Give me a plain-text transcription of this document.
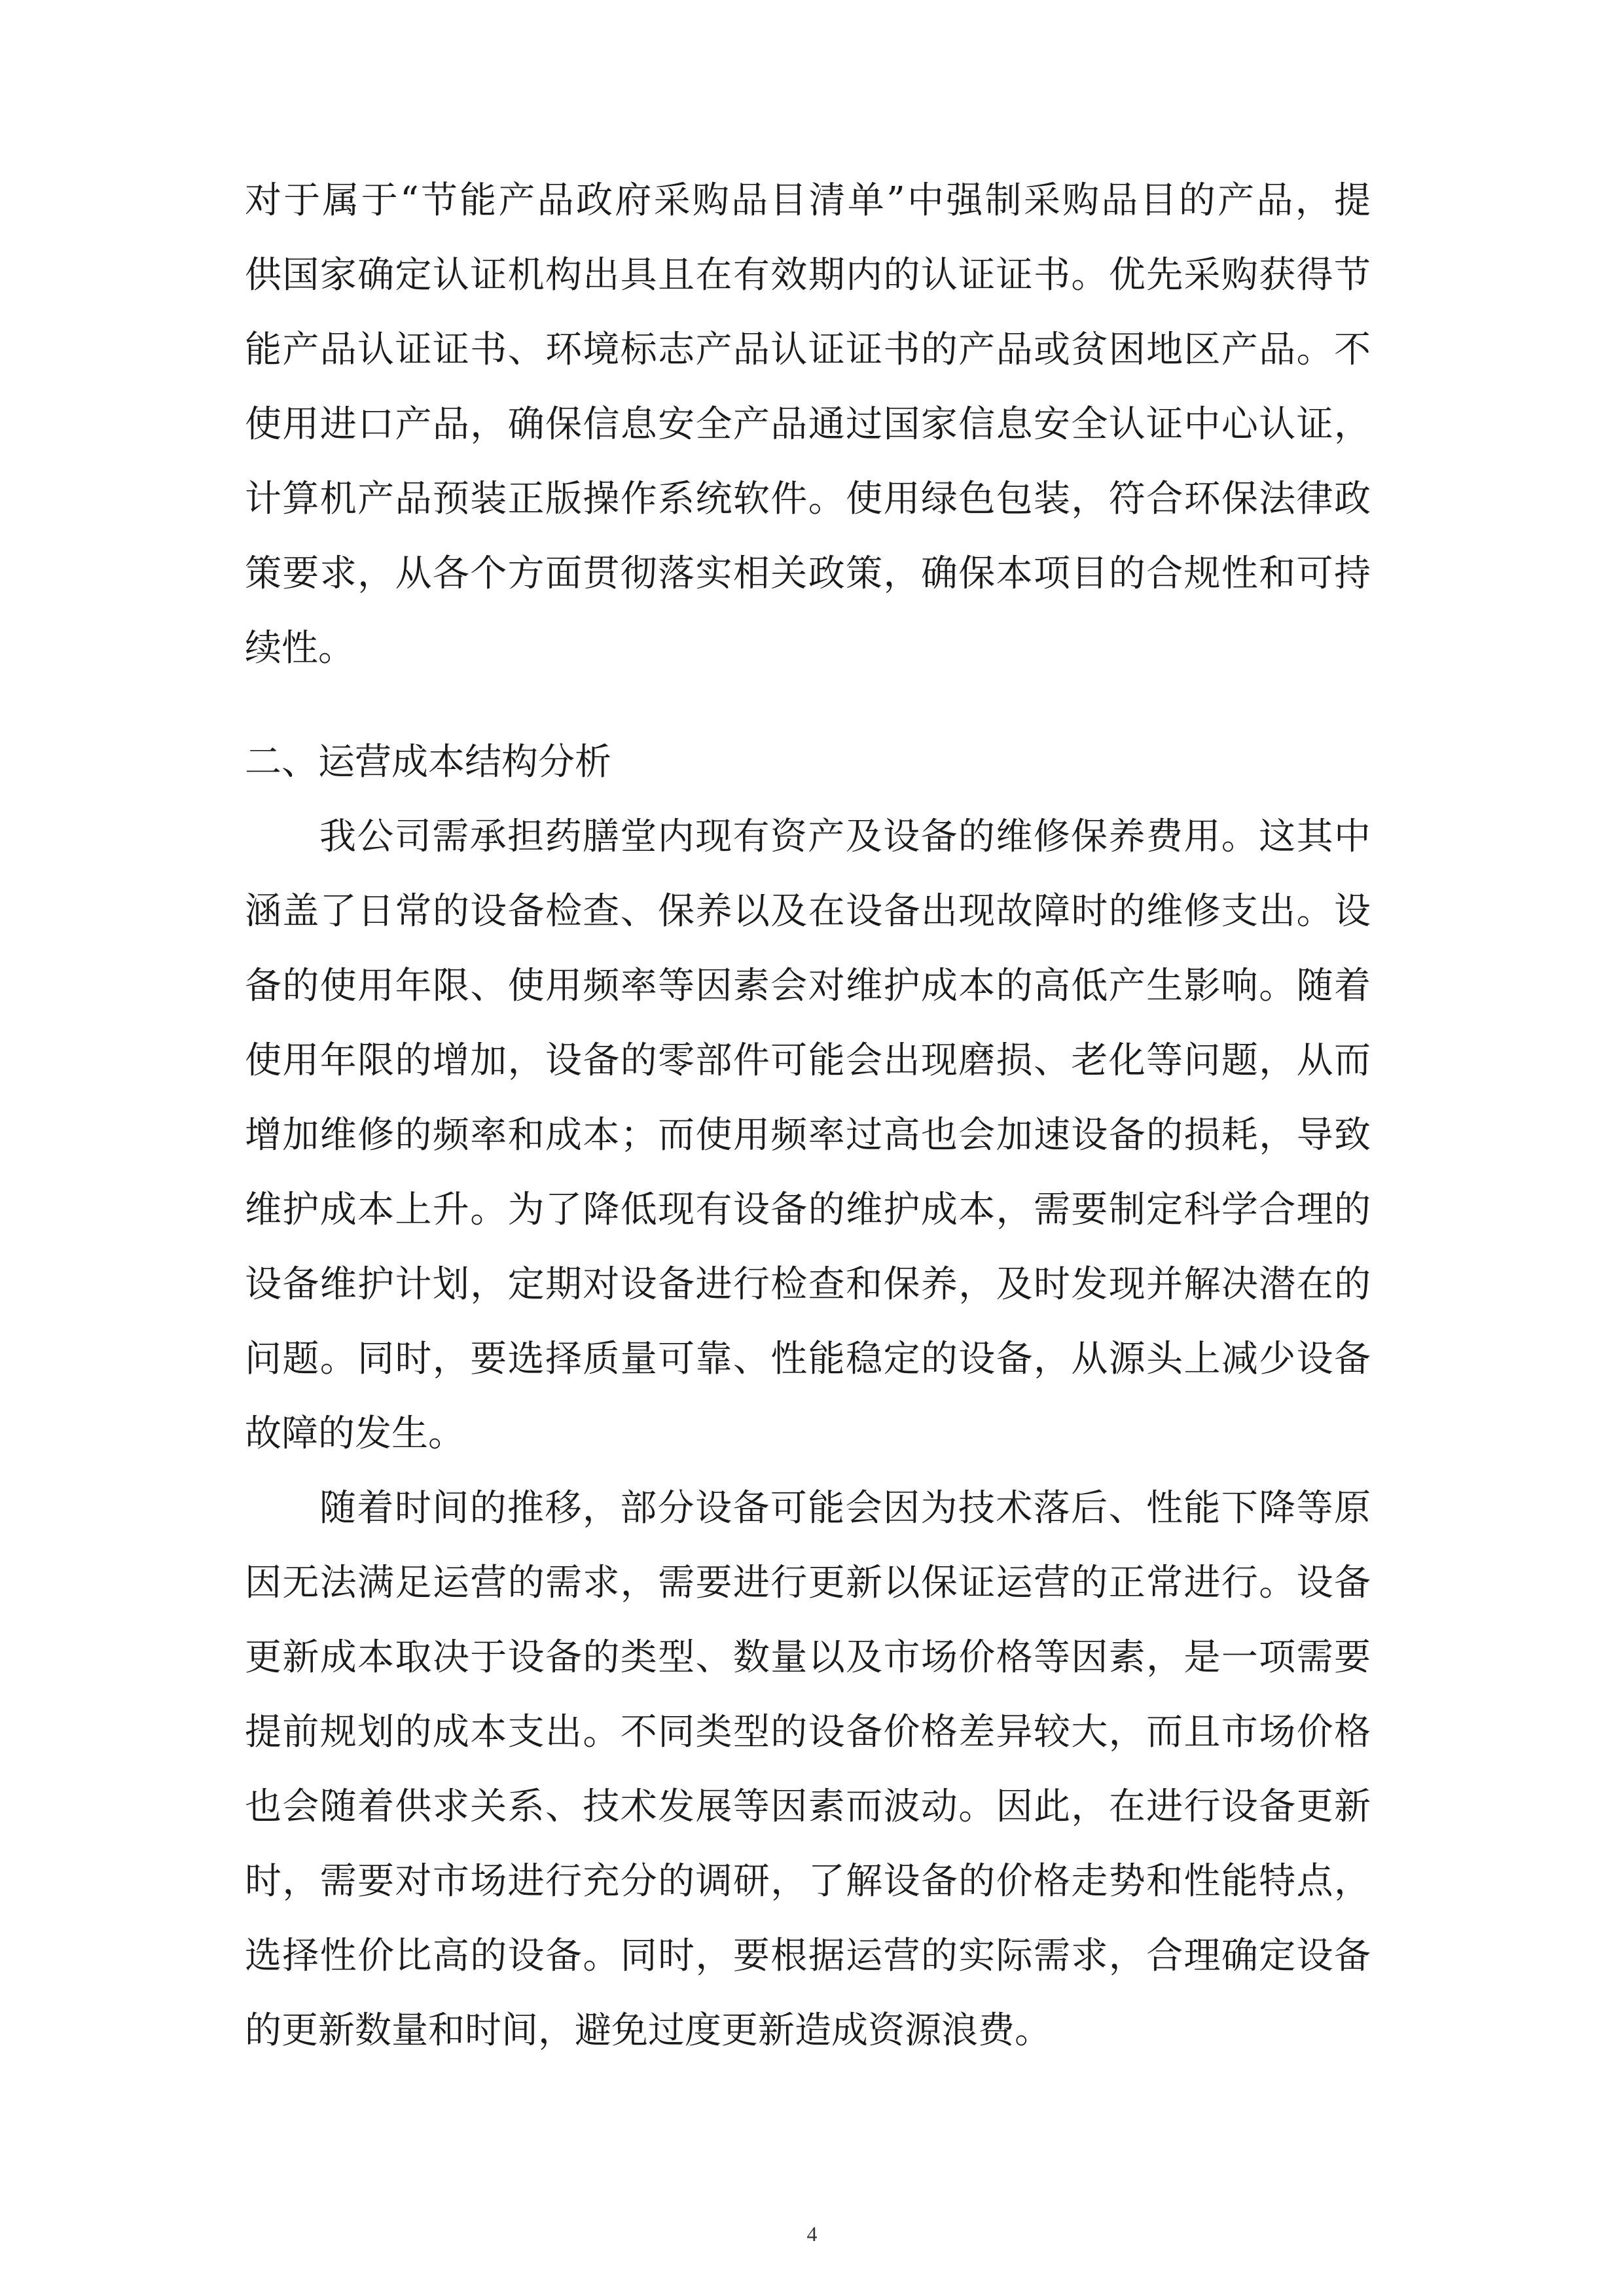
对于属于“节能产品政府采购品目清单”中强制采购品目的产品，提
供国家确定认证机构出具且在有效期内的认证证书。优先采购获得节
能产品认证证书、环境标志产品认证证书的产品或贫困地区产品。不
使用进口产品，确保信息安全产品通过国家信息安全认证中心认证，
计算机产品预装正版操作系统软件。使用绿色包装，符合环保法律政
策要求，从各个方面贯彻落实相关政策，确保本项目的合规性和可持
续性。
二、运营成本结构分析
我公司需承担药膳堂内现有资产及设备的维修保养费用。这其中
涵盖了日常的设备检查、保养以及在设备出现故障时的维修支出。设
备的使用年限、使用频率等因素会对维护成本的高低产生影响。随着
使用年限的增加，设备的零部件可能会出现磨损、老化等问题，从而
增加维修的频率和成本；而使用频率过高也会加速设备的损耗，导致
维护成本上升。为了降低现有设备的维护成本，需要制定科学合理的
设备维护计划，定期对设备进行检查和保养，及时发现并解决潜在的
问题。同时，要选择质量可靠、性能稳定的设备，从源头上减少设备
故障的发生。
随着时间的推移，部分设备可能会因为技术落后、性能下降等原
因无法满足运营的需求，需要进行更新以保证运营的正常进行。设备
更新成本取决于设备的类型、数量以及市场价格等因素，是一项需要
提前规划的成本支出。不同类型的设备价格差异较大，而且市场价格
也会随着供求关系、技术发展等因素而波动。因此，在进行设备更新
时，需要对市场进行充分的调研，了解设备的价格走势和性能特点，
选择性价比高的设备。同时，要根据运营的实际需求，合理确定设备
的更新数量和时间，避免过度更新造成资源浪费。
4
